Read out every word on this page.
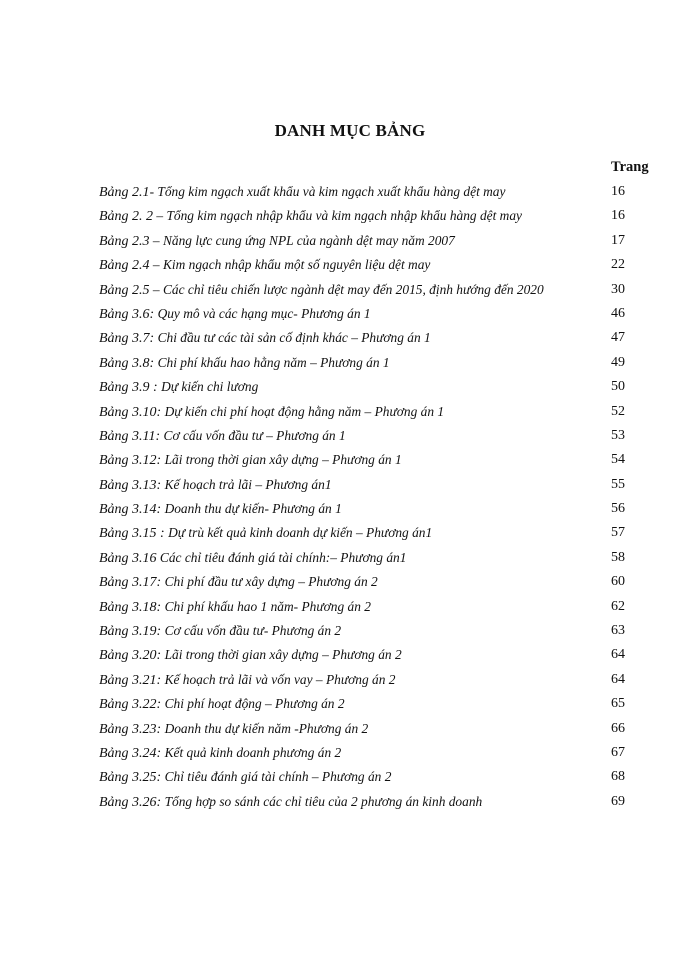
DANH MỤC BẢNG
Trang
Bảng 2.1- Tổng kim ngạch xuất khẩu và kim ngạch xuất khẩu hàng dệt may	16
Bảng 2. 2 – Tổng kim ngạch nhập khẩu và kim ngạch nhập khẩu hàng dệt may	16
Bảng 2.3 – Năng lực cung ứng NPL của ngành dệt may năm 2007	17
Bảng 2.4 – Kim ngạch nhập khẩu một số nguyên liệu dệt may	22
Bảng 2.5 – Các chỉ tiêu chiến lược ngành dệt may đến 2015, định hướng đến 2020	30
Bảng 3.6: Quy mô và các hạng mục- Phương án 1	46
Bảng 3.7: Chi đầu tư các tài sản cố định khác – Phương án 1	47
Bảng 3.8: Chi phí khấu hao hằng năm – Phương án 1	49
Bảng 3.9 : Dự kiến chi lương	50
Bảng 3.10: Dự kiến chi phí hoạt động hằng năm – Phương án 1	52
Bảng 3.11: Cơ cấu vốn đầu tư – Phương án 1	53
Bảng 3.12: Lãi trong thời gian xây dựng – Phương án 1	54
Bảng 3.13: Kế hoạch trả lãi – Phương án1	55
Bảng 3.14: Doanh thu dự kiến- Phương án 1	56
Bảng 3.15 : Dự trù kết quả kinh doanh dự kiến – Phương án1	57
Bảng 3.16 Các chỉ tiêu đánh giá tài chính:– Phương án1	58
Bảng 3.17: Chi phí đầu tư xây dựng – Phương án 2	60
Bảng 3.18: Chi phí khấu hao 1 năm- Phương án 2	62
Bảng 3.19: Cơ cấu vốn đầu tư- Phương án 2	63
Bảng 3.20: Lãi trong thời gian xây dựng – Phương án 2	64
Bảng 3.21: Kế hoạch trả lãi và vốn vay – Phương án 2	64
Bảng 3.22: Chi phí hoạt động – Phương án 2	65
Bảng 3.23: Doanh thu dự kiến năm -Phương án 2	66
Bảng 3.24: Kết quả kinh doanh phương án 2	67
Bảng 3.25: Chỉ tiêu đánh giá tài chính – Phương án 2	68
Bảng 3.26: Tổng hợp so sánh các chỉ tiêu của 2 phương án kinh doanh	69
